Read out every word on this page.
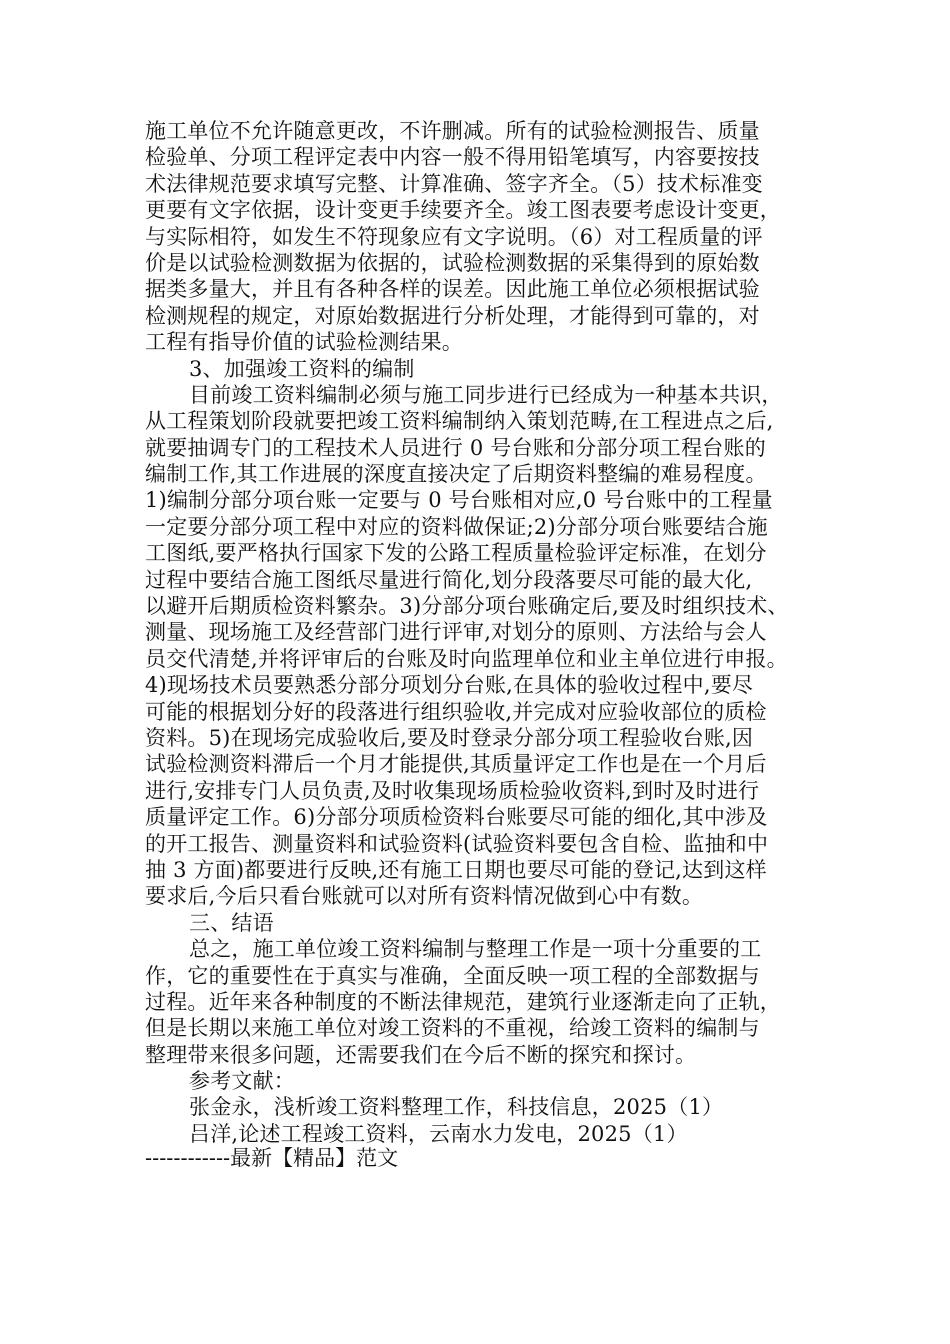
施工单位不允许随意更改，不许删减。所有的试验检测报告、质量
检验单、分项工程评定表中内容一般不得用铅笔填写，内容要按技
术法律规范要求填写完整、计算准确、签字齐全。（5）技术标准变
更要有文字依据，设计变更手续要齐全。竣工图表要考虑设计变更，
与实际相符，如发生不符现象应有文字说明。（6）对工程质量的评
价是以试验检测数据为依据的，试验检测数据的采集得到的原始数
据类多量大，并且有各种各样的误差。因此施工单位必须根据试验
检测规程的规定，对原始数据进行分析处理，才能得到可靠的，对
工程有指导价值的试验检测结果。
3、加强竣工资料的编制
目前竣工资料编制必须与施工同步进行已经成为一种基本共识，
从工程策划阶段就要把竣工资料编制纳入策划范畴,在工程进点之后,
就要抽调专门的工程技术人员进行 0 号台账和分部分项工程台账的
编制工作,其工作进展的深度直接决定了后期资料整编的难易程度。
1)编制分部分项台账一定要与 0 号台账相对应,0 号台账中的工程量
一定要分部分项工程中对应的资料做保证;2)分部分项台账要结合施
工图纸,要严格执行国家下发的公路工程质量检验评定标准，在划分
过程中要结合施工图纸尽量进行简化,划分段落要尽可能的最大化,
以避开后期质检资料繁杂。3)分部分项台账确定后,要及时组织技术、
测量、现场施工及经营部门进行评审,对划分的原则、方法给与会人
员交代清楚,并将评审后的台账及时向监理单位和业主单位进行申报。
4)现场技术员要熟悉分部分项划分台账,在具体的验收过程中,要尽
可能的根据划分好的段落进行组织验收,并完成对应验收部位的质检
资料。5)在现场完成验收后,要及时登录分部分项工程验收台账,因
试验检测资料滞后一个月才能提供,其质量评定工作也是在一个月后
进行,安排专门人员负责,及时收集现场质检验收资料,到时及时进行
质量评定工作。6)分部分项质检资料台账要尽可能的细化,其中涉及
的开工报告、测量资料和试验资料(试验资料要包含自检、监抽和中
抽 3 方面)都要进行反映,还有施工日期也要尽可能的登记,达到这样
要求后,今后只看台账就可以对所有资料情况做到心中有数。
三、结语
总之，施工单位竣工资料编制与整理工作是一项十分重要的工
作，它的重要性在于真实与准确，全面反映一项工程的全部数据与
过程。近年来各种制度的不断法律规范，建筑行业逐渐走向了正轨，
但是长期以来施工单位对竣工资料的不重视，给竣工资料的编制与
整理带来很多问题，还需要我们在今后不断的探究和探讨。
参考文献：
张金永，浅析竣工资料整理工作，科技信息，2025（1）
吕洋,论述工程竣工资料，云南水力发电，2025（1）
------------最新【精品】范文
